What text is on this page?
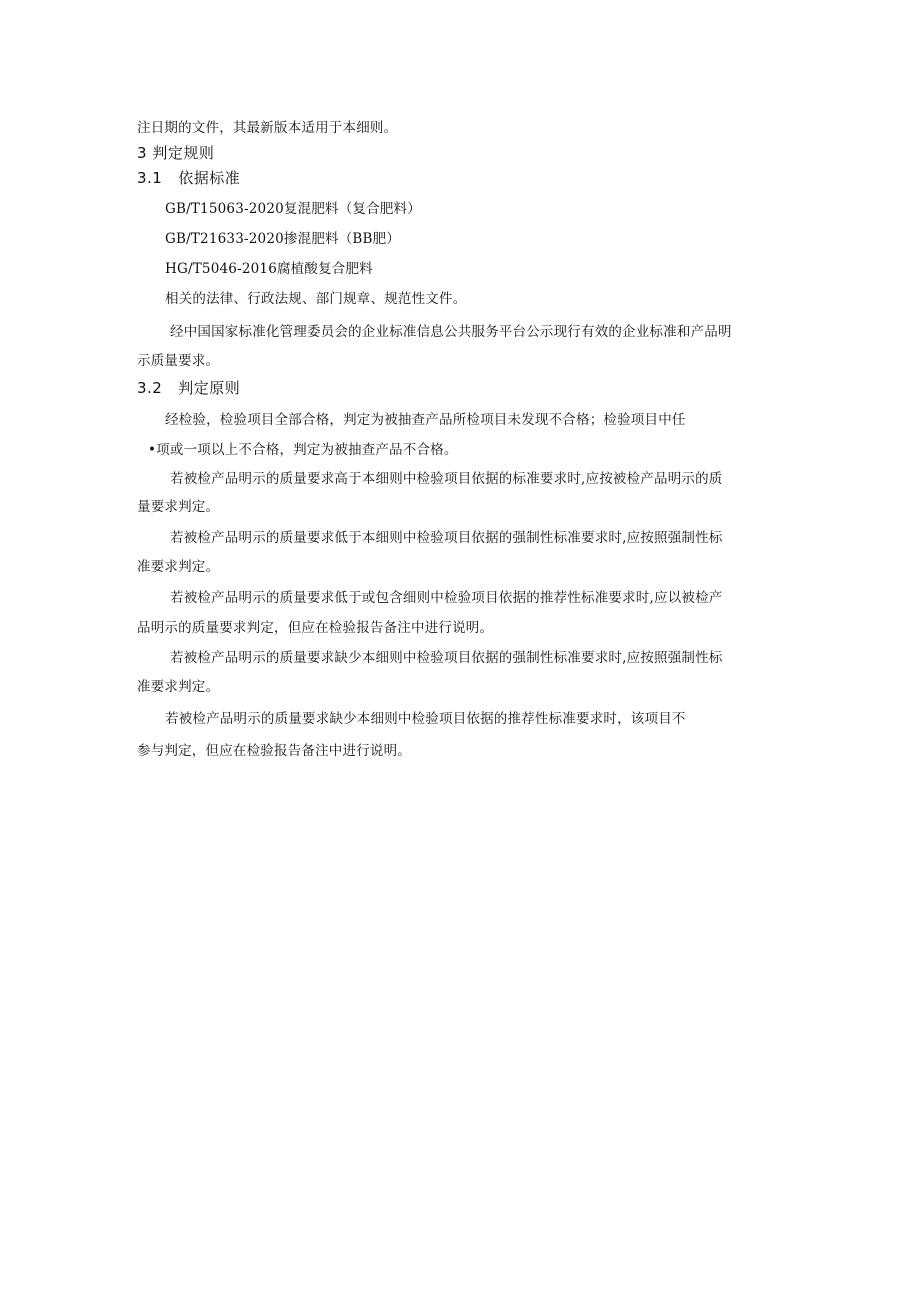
注日期的文件，其最新版本适用于本细则。
3 判定规则
3.1 依据标准
GB/T15063-2020复混肥料（复合肥料）
GB/T21633-2020掺混肥料（BB肥）
HG/T5046-2016腐植酸复合肥料
相关的法律、行政法规、部门规章、规范性文件。
经中国国家标准化管理委员会的企业标准信息公共服务平台公示现行有效的企业标准和产品明
示质量要求。
3.2 判定原则
经检验，检验项目全部合格，判定为被抽查产品所检项目未发现不合格；检验项目中任
•项或一项以上不合格，判定为被抽查产品不合格。
若被检产品明示的质量要求高于本细则中检验项目依据的标准要求时,应按被检产品明示的质
量要求判定。
若被检产品明示的质量要求低于本细则中检验项目依据的强制性标准要求时,应按照强制性标
准要求判定。
若被检产品明示的质量要求低于或包含细则中检验项目依据的推荐性标准要求时,应以被检产
品明示的质量要求判定，但应在检验报告备注中进行说明。
若被检产品明示的质量要求缺少本细则中检验项目依据的强制性标准要求时,应按照强制性标
准要求判定。
若被检产品明示的质量要求缺少本细则中检验项目依据的推荐性标准要求时，该项目不
参与判定，但应在检验报告备注中进行说明。
